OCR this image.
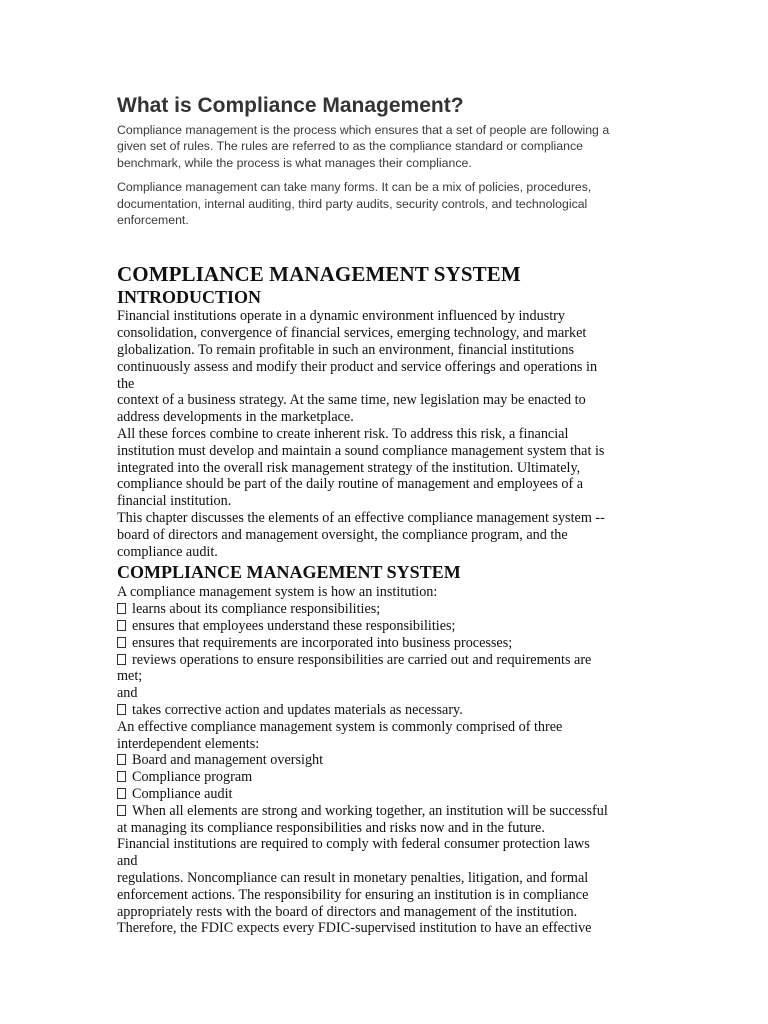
What is Compliance Management?

Compliance management is the process which ensures that a set of people are following a
given set of rules. The rules are referred to as the compliance standard or compliance
benchmark, while the process is what manages their compliance.

Compliance management can take many forms. It can be a mix of policies, procedures,
documentation, internal auditing, third party audits, security controls, and technological
enforcement.

COMPLIANCE MANAGEMENT SYSTEM
INTRODUCTION
Financial institutions operate in a dynamic environment influenced by industry
consolidation, convergence of financial services, emerging technology, and market
globalization. To remain profitable in such an environment, financial institutions
continuously assess and modify their product and service offerings and operations in
the
context of a business strategy. At the same time, new legislation may be enacted to
address developments in the marketplace.
All these forces combine to create inherent risk. To address this risk, a financial
institution must develop and maintain a sound compliance management system that is
integrated into the overall risk management strategy of the institution. Ultimately,
compliance should be part of the daily routine of management and employees of a
financial institution.
This chapter discusses the elements of an effective compliance management system --
board of directors and management oversight, the compliance program, and the
compliance audit.
COMPLIANCE MANAGEMENT SYSTEM
A compliance management system is how an institution:
learns about its compliance responsibilities;
ensures that employees understand these responsibilities;
ensures that requirements are incorporated into business processes;
reviews operations to ensure responsibilities are carried out and requirements are
met;
and
takes corrective action and updates materials as necessary.
An effective compliance management system is commonly comprised of three
interdependent elements:
Board and management oversight
Compliance program
Compliance audit
When all elements are strong and working together, an institution will be successful
at managing its compliance responsibilities and risks now and in the future.
Financial institutions are required to comply with federal consumer protection laws
and
regulations. Noncompliance can result in monetary penalties, litigation, and formal
enforcement actions. The responsibility for ensuring an institution is in compliance
appropriately rests with the board of directors and management of the institution.
Therefore, the FDIC expects every FDIC-supervised institution to have an effective
